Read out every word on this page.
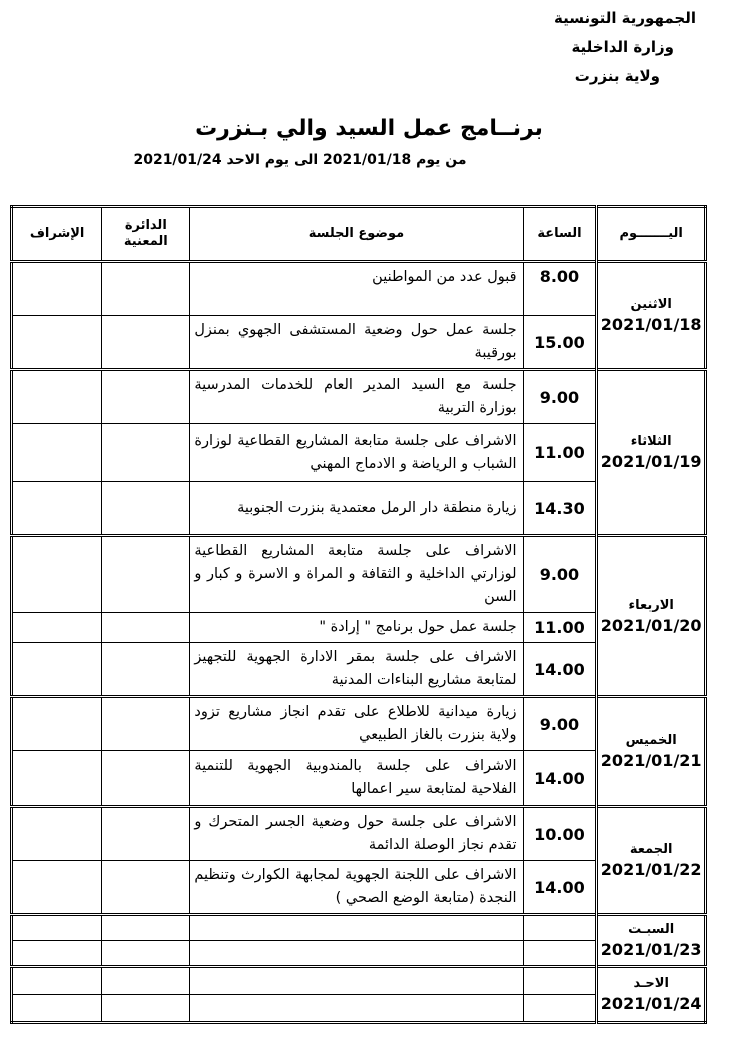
الجمهورية التونسية
وزارة الداخلية
ولاية بنزرت
برنــامج عمل السيد والي بـنزرت
من يوم 2021/01/18 الى يوم الاحد 2021/01/24
اليـــــــوم	الساعة	موضوع الجلسة	الدائرة المعنية	الإشراف

الاثنين
2021/01/18	8.00	قبول عدد من المواطنين		
	15.00	جلسة عمل حول وضعية المستشفى الجهوي بمنزل بورقيبة		

الثلاثاء
2021/01/19	9.00	جلسة مع السيد المدير العام للخدمات المدرسية بوزارة التربية		
	11.00	الاشراف على جلسة متابعة المشاريع القطاعية لوزارة الشباب و الرياضة و الادماج المهني		
	14.30	زيارة منطقة دار الرمل معتمدية بنزرت الجنوبية		

الاربعاء
2021/01/20	9.00	الاشراف على جلسة متابعة المشاريع القطاعية لوزارتي الداخلية و الثقافة و المراة و الاسرة و كبار و السن		
	11.00	جلسة عمل حول برنامج " إرادة "		
	14.00	الاشراف على جلسة بمقر الادارة الجهوية للتجهيز لمتابعة مشاريع البناءات المدنية		

الخميس
2021/01/21	9.00	زيارة ميدانية للاطلاع على تقدم انجاز مشاريع تزود ولاية بنزرت بالغاز الطبيعي		
	14.00	الاشراف على جلسة بالمندوبية الجهوية للتنمية الفلاحية لمتابعة سير اعمالها		

الجمعة
2021/01/22	10.00	الاشراف على جلسة حول وضعية الجسر المتحرك و تقدم نجاز الوصلة الدائمة		
	14.00	الاشراف على اللجنة الجهوية لمجابهة الكوارث وتنظيم النجدة (متابعة الوضع الصحي )		

السبـت
2021/01/23				

الاحـد
2021/01/24				
